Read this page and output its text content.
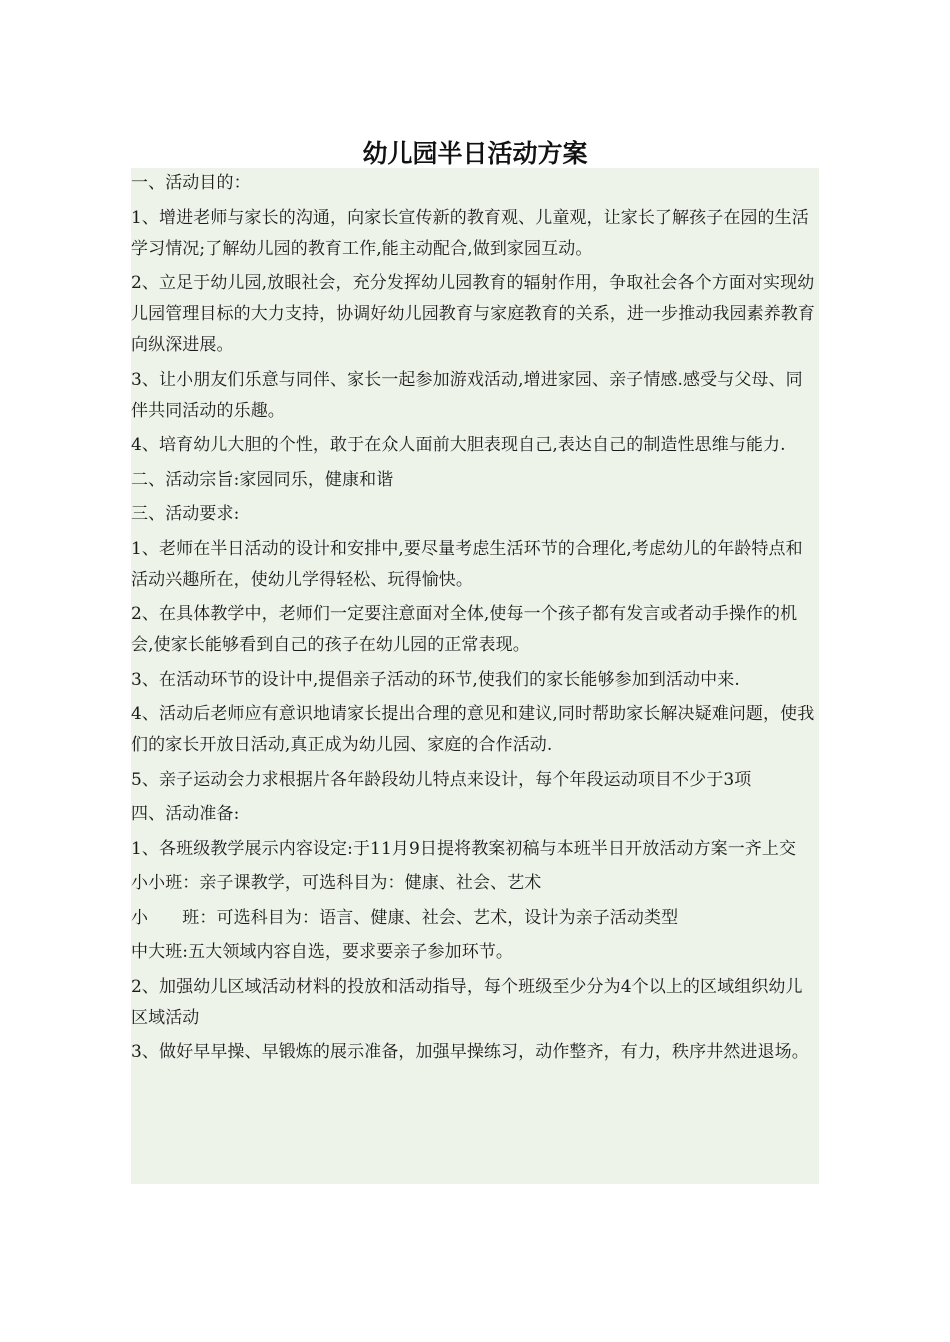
幼儿园半日活动方案

一、活动目的：

1、增进老师与家长的沟通，向家长宣传新的教育观、儿童观，让家长了解孩子在园的生活学习情况;了解幼儿园的教育工作,能主动配合,做到家园互动。

2、立足于幼儿园,放眼社会，充分发挥幼儿园教育的辐射作用，争取社会各个方面对实现幼儿园管理目标的大力支持，协调好幼儿园教育与家庭教育的关系，进一步推动我园素养教育向纵深进展。

3、让小朋友们乐意与同伴、家长一起参加游戏活动,增进家园、亲子情感.感受与父母、同伴共同活动的乐趣。

4、培育幼儿大胆的个性，敢于在众人面前大胆表现自己,表达自己的制造性思维与能力.

二、活动宗旨:家园同乐，健康和谐

三、活动要求:

1、老师在半日活动的设计和安排中,要尽量考虑生活环节的合理化,考虑幼儿的年龄特点和活动兴趣所在，使幼儿学得轻松、玩得愉快。

2、在具体教学中，老师们一定要注意面对全体,使每一个孩子都有发言或者动手操作的机会,使家长能够看到自己的孩子在幼儿园的正常表现。

3、在活动环节的设计中,提倡亲子活动的环节,使我们的家长能够参加到活动中来.

4、活动后老师应有意识地请家长提出合理的意见和建议,同时帮助家长解决疑难问题，使我们的家长开放日活动,真正成为幼儿园、家庭的合作活动.

5、亲子运动会力求根据片各年龄段幼儿特点来设计，每个年段运动项目不少于3项

四、活动准备:

1、各班级教学展示内容设定:于11月9日提将教案初稿与本班半日开放活动方案一齐上交

小小班：亲子课教学，可选科目为：健康、社会、艺术

小　　班：可选科目为：语言、健康、社会、艺术，设计为亲子活动类型

中大班:五大领域内容自选，要求要亲子参加环节。

2、加强幼儿区域活动材料的投放和活动指导，每个班级至少分为4个以上的区域组织幼儿区域活动

3、做好早早操、早锻炼的展示准备，加强早操练习，动作整齐，有力，秩序井然进退场。
